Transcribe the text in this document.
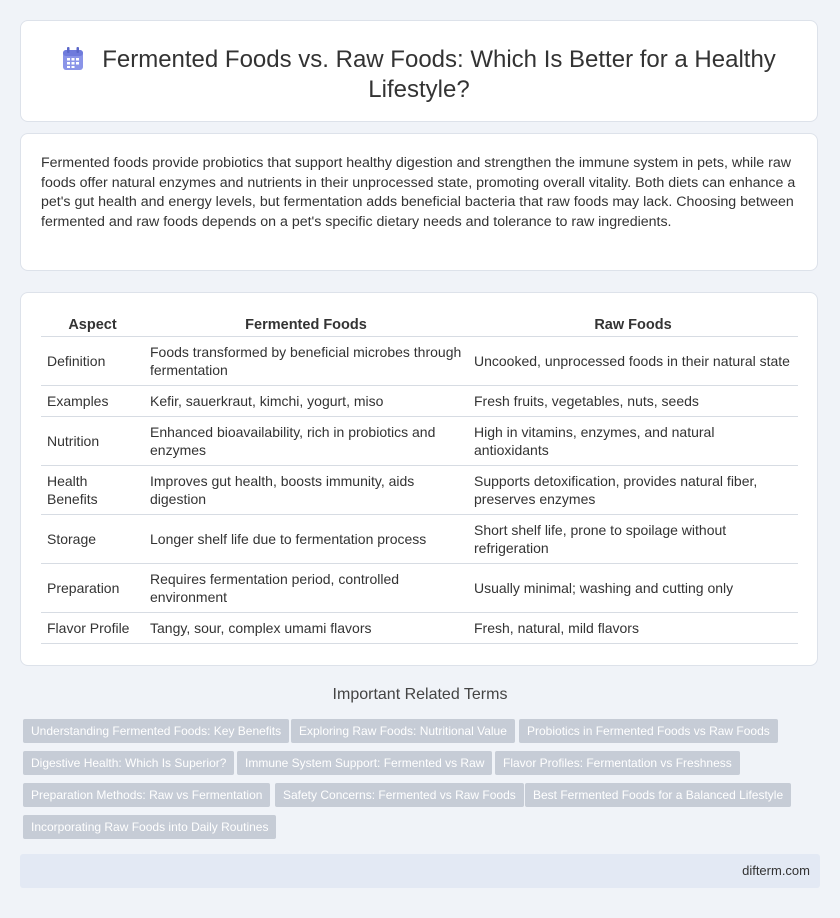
Fermented Foods vs. Raw Foods: Which Is Better for a Healthy
Lifestyle?
Fermented foods provide probiotics that support healthy digestion and strengthen the immune system in pets, while raw foods offer natural enzymes and nutrients in their unprocessed state, promoting overall vitality. Both diets can enhance a pet's gut health and energy levels, but fermentation adds beneficial bacteria that raw foods may lack. Choosing between fermented and raw foods depends on a pet's specific dietary needs and tolerance to raw ingredients.
Aspect	Fermented Foods	Raw Foods
Definition	Foods transformed by beneficial microbes through fermentation	Uncooked, unprocessed foods in their natural state
Examples	Kefir, sauerkraut, kimchi, yogurt, miso	Fresh fruits, vegetables, nuts, seeds
Nutrition	Enhanced bioavailability, rich in probiotics and enzymes	High in vitamins, enzymes, and natural antioxidants
Health Benefits	Improves gut health, boosts immunity, aids digestion	Supports detoxification, provides natural fiber, preserves enzymes
Storage	Longer shelf life due to fermentation process	Short shelf life, prone to spoilage without refrigeration
Preparation	Requires fermentation period, controlled environment	Usually minimal; washing and cutting only
Flavor Profile	Tangy, sour, complex umami flavors	Fresh, natural, mild flavors
Important Related Terms
Understanding Fermented Foods: Key Benefits	Exploring Raw Foods: Nutritional Value	Probiotics in Fermented Foods vs Raw Foods
Digestive Health: Which Is Superior?	Immune System Support: Fermented vs Raw	Flavor Profiles: Fermentation vs Freshness
Preparation Methods: Raw vs Fermentation	Safety Concerns: Fermented vs Raw Foods	Best Fermented Foods for a Balanced Lifestyle
Incorporating Raw Foods into Daily Routines
difterm.com
